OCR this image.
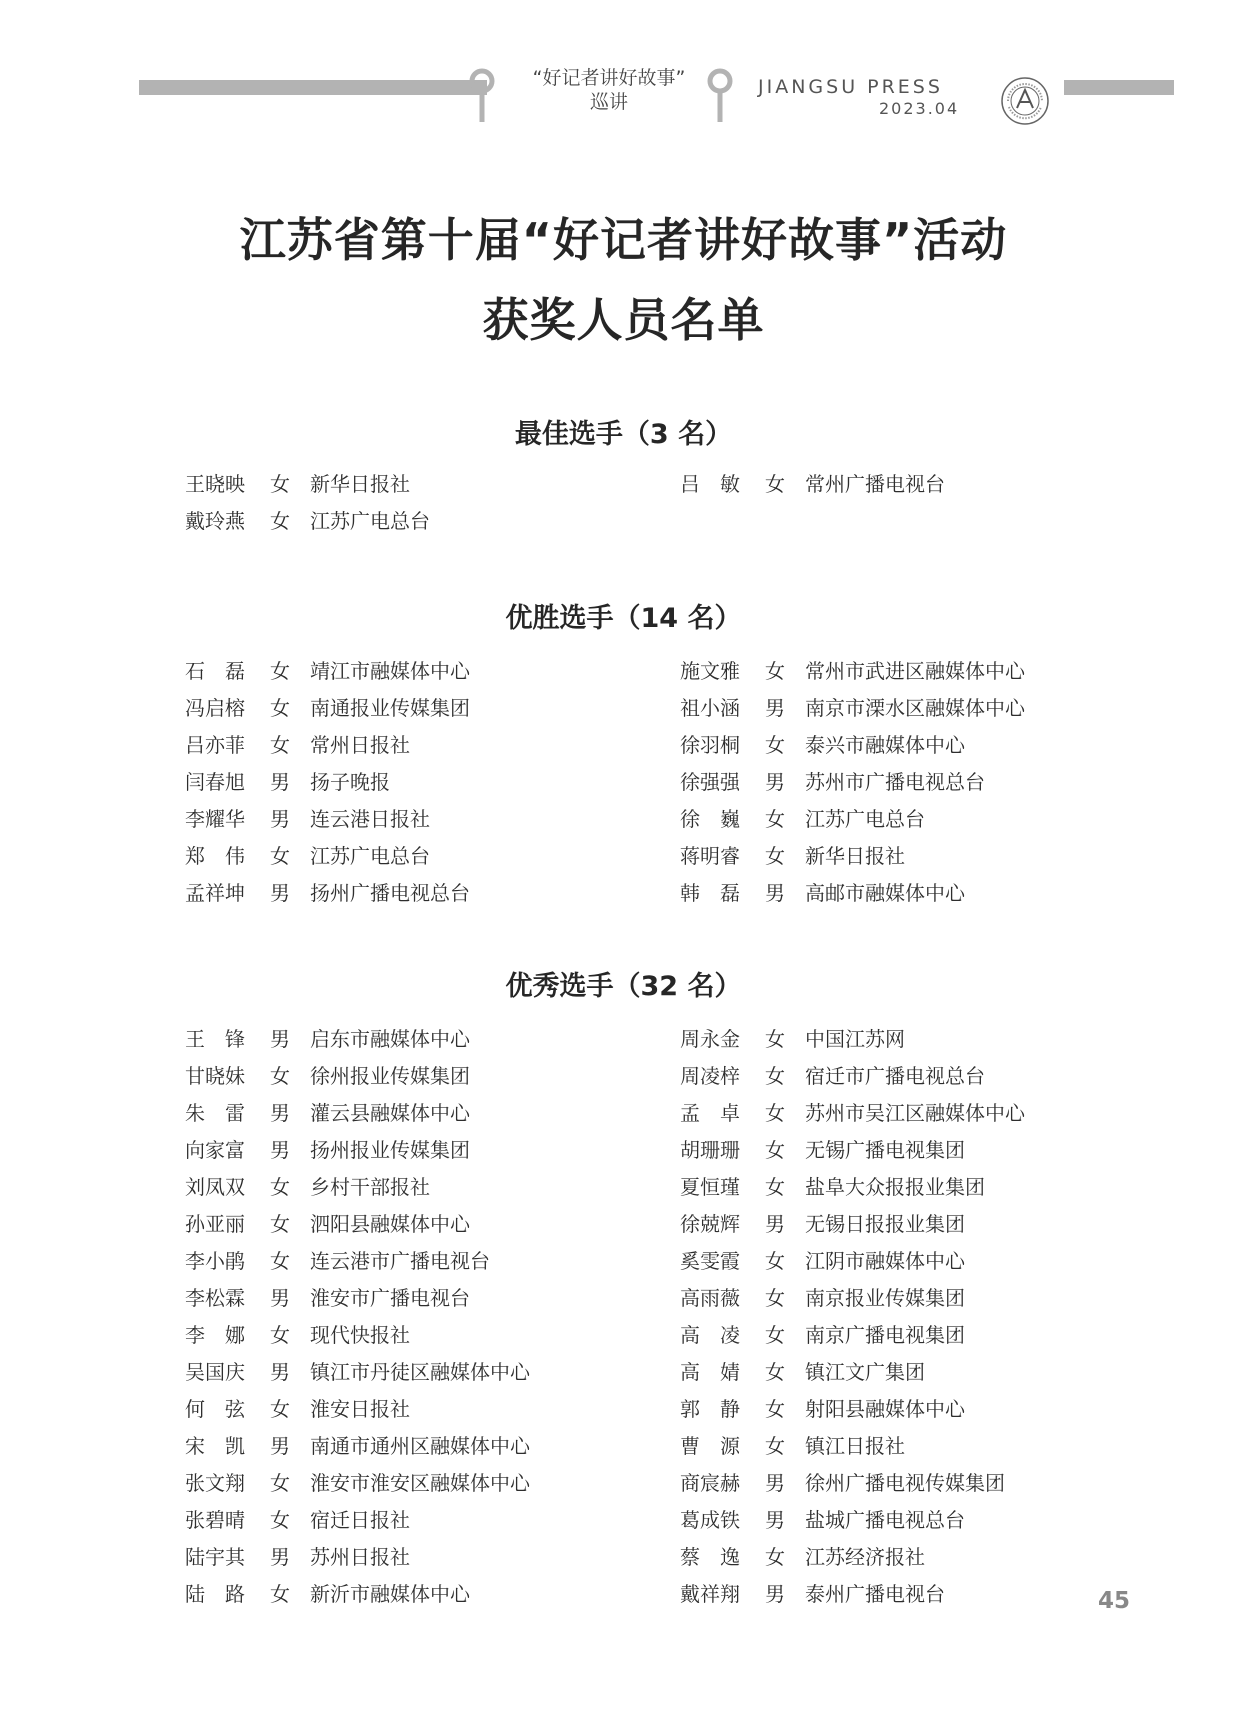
“好记者讲好故事”
巡讲
JIANGSU PRESS
2023.04
江苏省第十届“好记者讲好故事”活动
获奖人员名单
最佳选手（3 名）
王晓映	女 新华日报社
戴玲燕	女 江苏广电总台
吕　敏	女 常州广播电视台
优胜选手（14 名）
石　磊	女 靖江市融媒体中心
冯启榕	女 南通报业传媒集团
吕亦菲	女 常州日报社
闫春旭	男 扬子晚报
李耀华	男 连云港日报社
郑　伟	女 江苏广电总台
孟祥坤	男 扬州广播电视总台
施文雅	女 常州市武进区融媒体中心
祖小涵	男 南京市溧水区融媒体中心
徐羽桐	女 泰兴市融媒体中心
徐强强	男 苏州市广播电视总台
徐　巍	女 江苏广电总台
蒋明睿	女 新华日报社
韩　磊	男 高邮市融媒体中心
优秀选手（32 名）
王　锋	男 启东市融媒体中心
甘晓妹	女 徐州报业传媒集团
朱　雷	男 灌云县融媒体中心
向家富	男 扬州报业传媒集团
刘凤双	女 乡村干部报社
孙亚丽	女 泗阳县融媒体中心
李小鹃	女 连云港市广播电视台
李松霖	男 淮安市广播电视台
李　娜	女 现代快报社
吴国庆	男 镇江市丹徒区融媒体中心
何　弦	女 淮安日报社
宋　凯	男 南通市通州区融媒体中心
张文翔	女 淮安市淮安区融媒体中心
张碧晴	女 宿迁日报社
陆宇其	男 苏州日报社
陆　路	女 新沂市融媒体中心
周永金	女 中国江苏网
周凌梓	女 宿迁市广播电视总台
孟　卓	女 苏州市吴江区融媒体中心
胡珊珊	女 无锡广播电视集团
夏恒瑾	女 盐阜大众报报业集团
徐兢辉	男 无锡日报报业集团
奚雯霞	女 江阴市融媒体中心
高雨薇	女 南京报业传媒集团
高　凌	女 南京广播电视集团
高　婧	女 镇江文广集团
郭　静	女 射阳县融媒体中心
曹　源	女 镇江日报社
商宸赫	男 徐州广播电视传媒集团
葛成铁	男 盐城广播电视总台
蔡　逸	女 江苏经济报社
戴祥翔	男 泰州广播电视台	45
